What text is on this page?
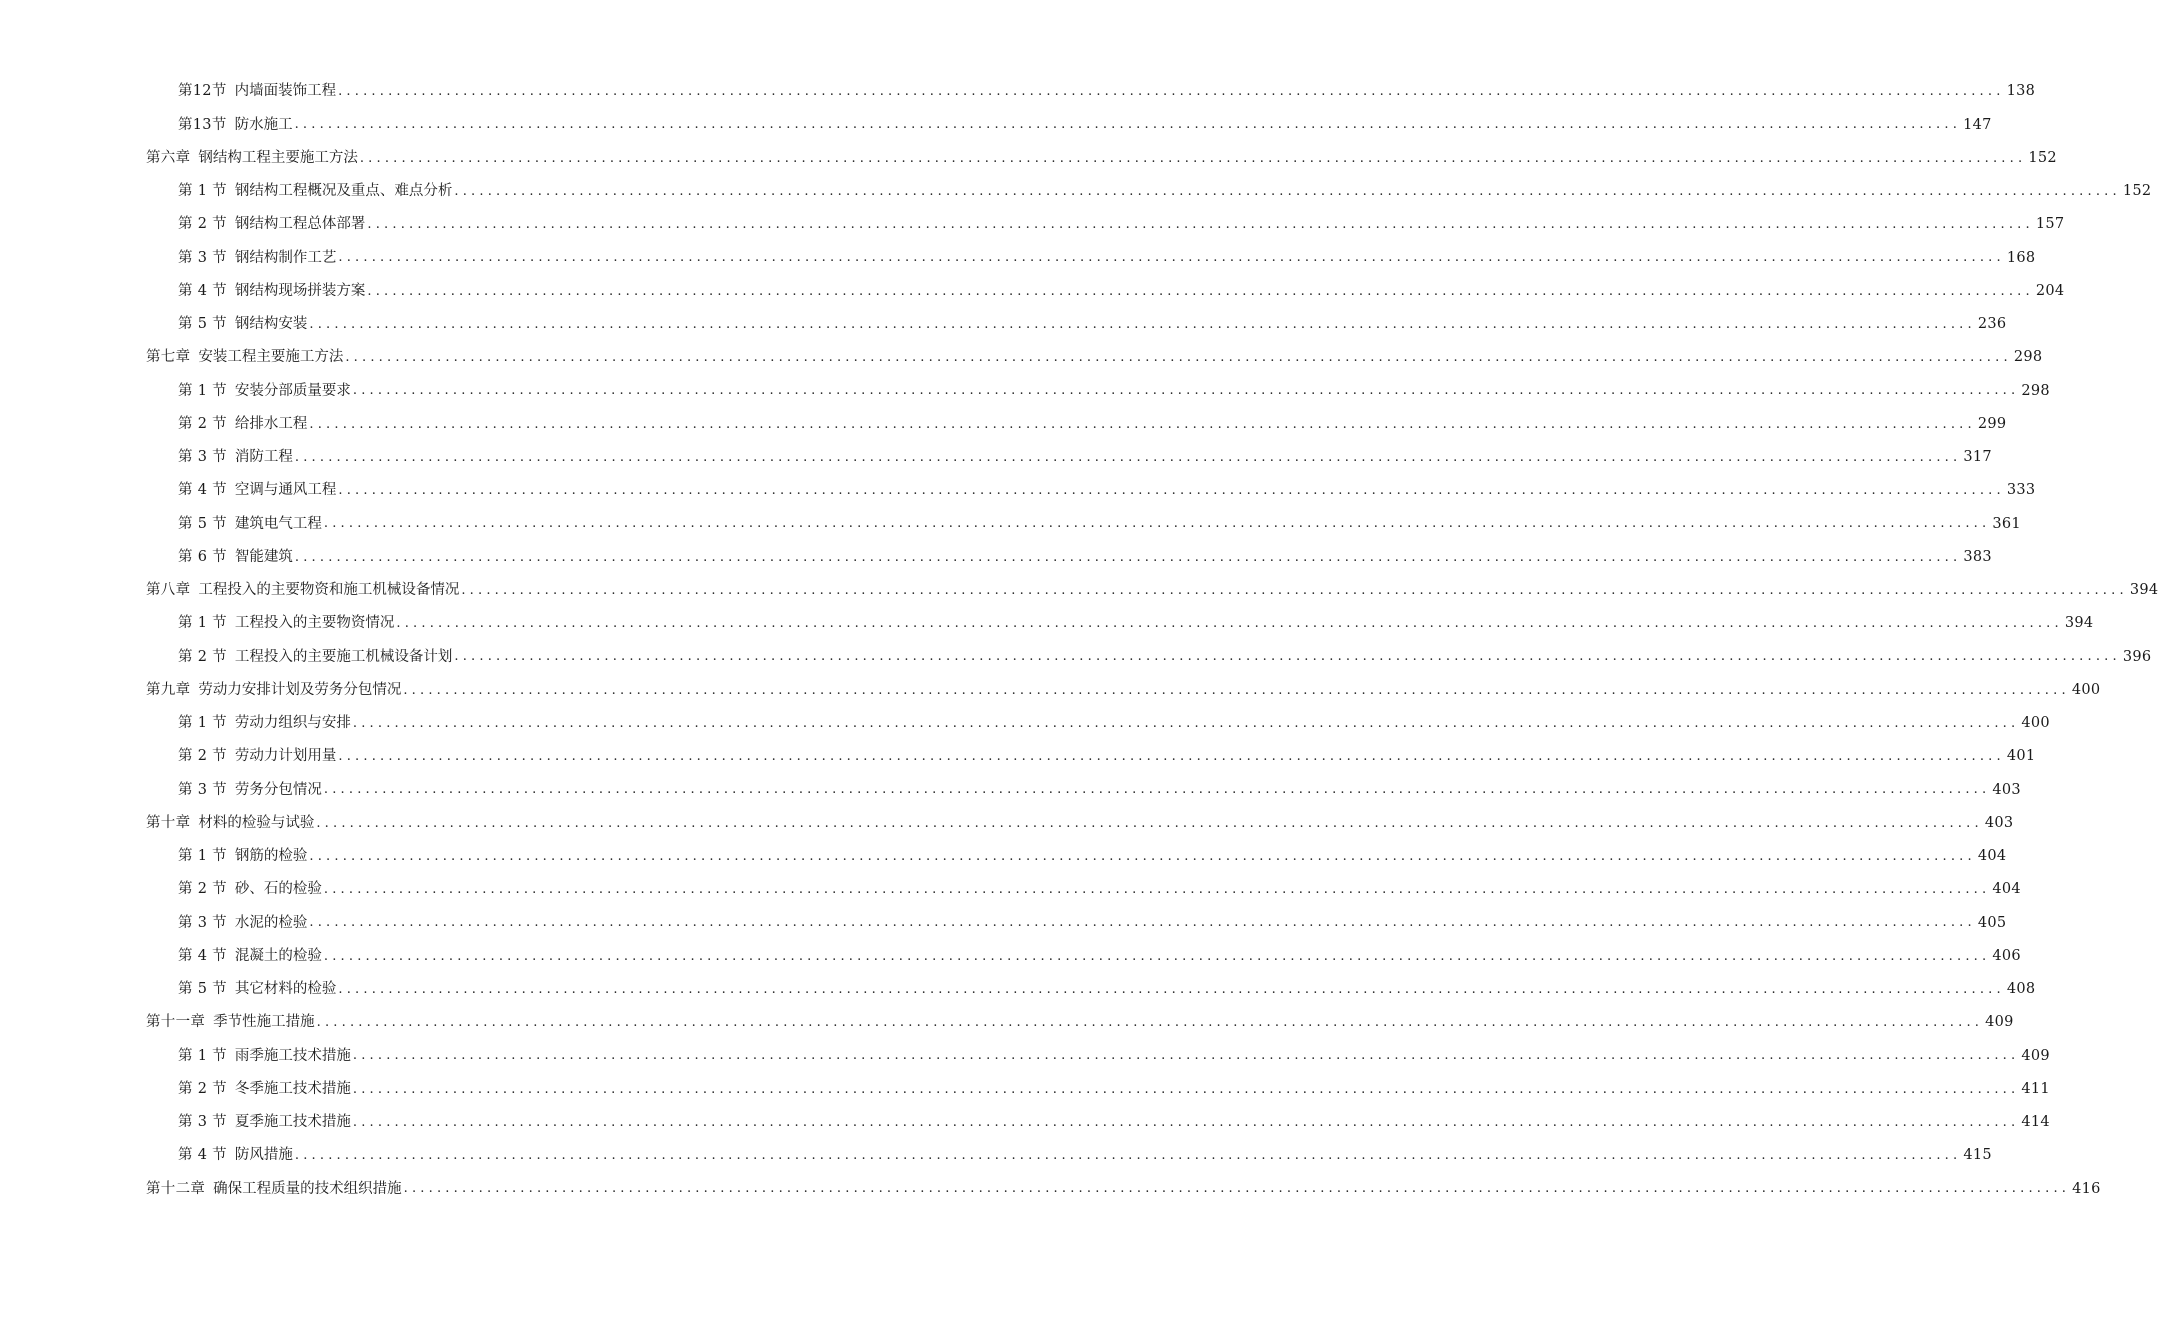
第12节 内墙面装饰工程 ........................................................................................................................................................................................................ 138
第13节 防水施工 ........................................................................................................................................................................................................ 147
第六章 钢结构工程主要施工方法 ........................................................................................................................................................................................................ 152
第 1 节 钢结构工程概况及重点、难点分析 ........................................................................................................................................................................................................ 152
第 2 节 钢结构工程总体部署 ........................................................................................................................................................................................................ 157
第 3 节 钢结构制作工艺 ........................................................................................................................................................................................................ 168
第 4 节 钢结构现场拼装方案 ........................................................................................................................................................................................................ 204
第 5 节 钢结构安装 ........................................................................................................................................................................................................ 236
第七章 安装工程主要施工方法 ........................................................................................................................................................................................................ 298
第 1 节 安装分部质量要求 ........................................................................................................................................................................................................ 298
第 2 节 给排水工程 ........................................................................................................................................................................................................ 299
第 3 节 消防工程 ........................................................................................................................................................................................................ 317
第 4 节 空调与通风工程 ........................................................................................................................................................................................................ 333
第 5 节 建筑电气工程 ........................................................................................................................................................................................................ 361
第 6 节 智能建筑 ........................................................................................................................................................................................................ 383
第八章 工程投入的主要物资和施工机械设备情况 ........................................................................................................................................................................................................ 394
第 1 节 工程投入的主要物资情况 ........................................................................................................................................................................................................ 394
第 2 节 工程投入的主要施工机械设备计划 ........................................................................................................................................................................................................ 396
第九章 劳动力安排计划及劳务分包情况 ........................................................................................................................................................................................................ 400
第 1 节 劳动力组织与安排 ........................................................................................................................................................................................................ 400
第 2 节 劳动力计划用量 ........................................................................................................................................................................................................ 401
第 3 节 劳务分包情况 ........................................................................................................................................................................................................ 403
第十章 材料的检验与试验 ........................................................................................................................................................................................................ 403
第 1 节 钢筋的检验 ........................................................................................................................................................................................................ 404
第 2 节 砂、石的检验 ........................................................................................................................................................................................................ 404
第 3 节 水泥的检验 ........................................................................................................................................................................................................ 405
第 4 节 混凝土的检验 ........................................................................................................................................................................................................ 406
第 5 节 其它材料的检验 ........................................................................................................................................................................................................ 408
第十一章 季节性施工措施 ........................................................................................................................................................................................................ 409
第 1 节 雨季施工技术措施 ........................................................................................................................................................................................................ 409
第 2 节 冬季施工技术措施 ........................................................................................................................................................................................................ 411
第 3 节 夏季施工技术措施 ........................................................................................................................................................................................................ 414
第 4 节 防风措施 ........................................................................................................................................................................................................ 415
第十二章 确保工程质量的技术组织措施 ........................................................................................................................................................................................................ 416
